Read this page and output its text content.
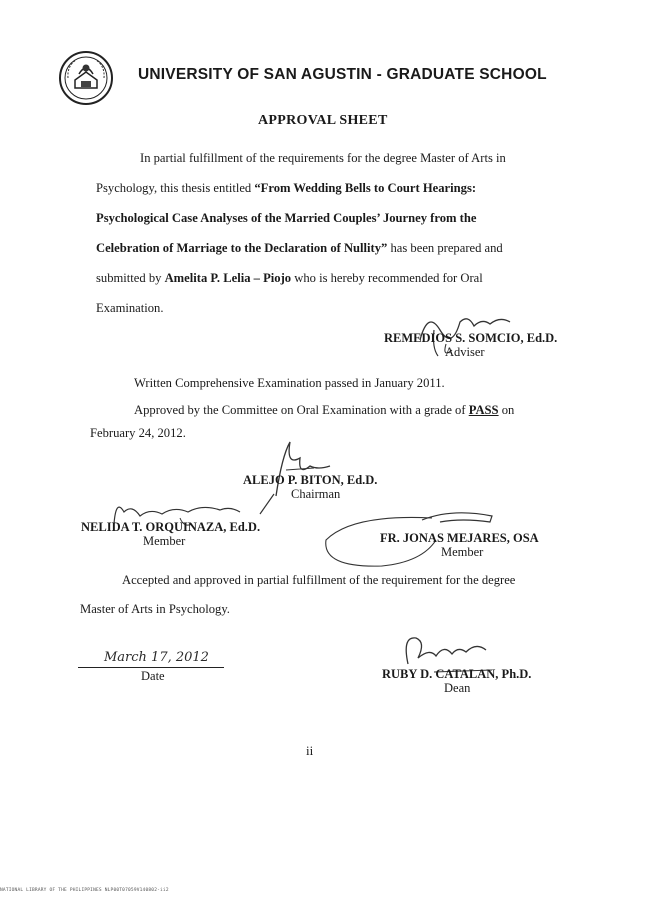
UNIVERSITY OF SAN AGUSTIN - GRADUATE SCHOOL
APPROVAL SHEET
In partial fulfillment of the requirements for the degree Master of Arts in Psychology, this thesis entitled “From Wedding Bells to Court Hearings: Psychological Case Analyses of the Married Couples’ Journey from the Celebration of Marriage to the Declaration of Nullity” has been prepared and submitted by Amelita P. Lelia – Piojo who is hereby recommended for Oral Examination.
REMEDIOS S. SOMCIO, Ed.D.
Adviser
Written Comprehensive Examination passed in January 2011.
Approved by the Committee on Oral Examination with a grade of PASS on
February 24, 2012.
ALEJO P. BITON, Ed.D.
Chairman
NELIDA T. ORQUINAZA, Ed.D.
Member	FR. JONAS MEJARES, OSA
Member
Accepted and approved in partial fulfillment of the requirement for the degree
Master of Arts in Psychology.
March 17, 2012
Date	RUBY D. CATALAN, Ph.D.
Dean
ii
NATIONAL LIBRARY OF THE PHILIPPINES NLP00T07059V140802-ii2
